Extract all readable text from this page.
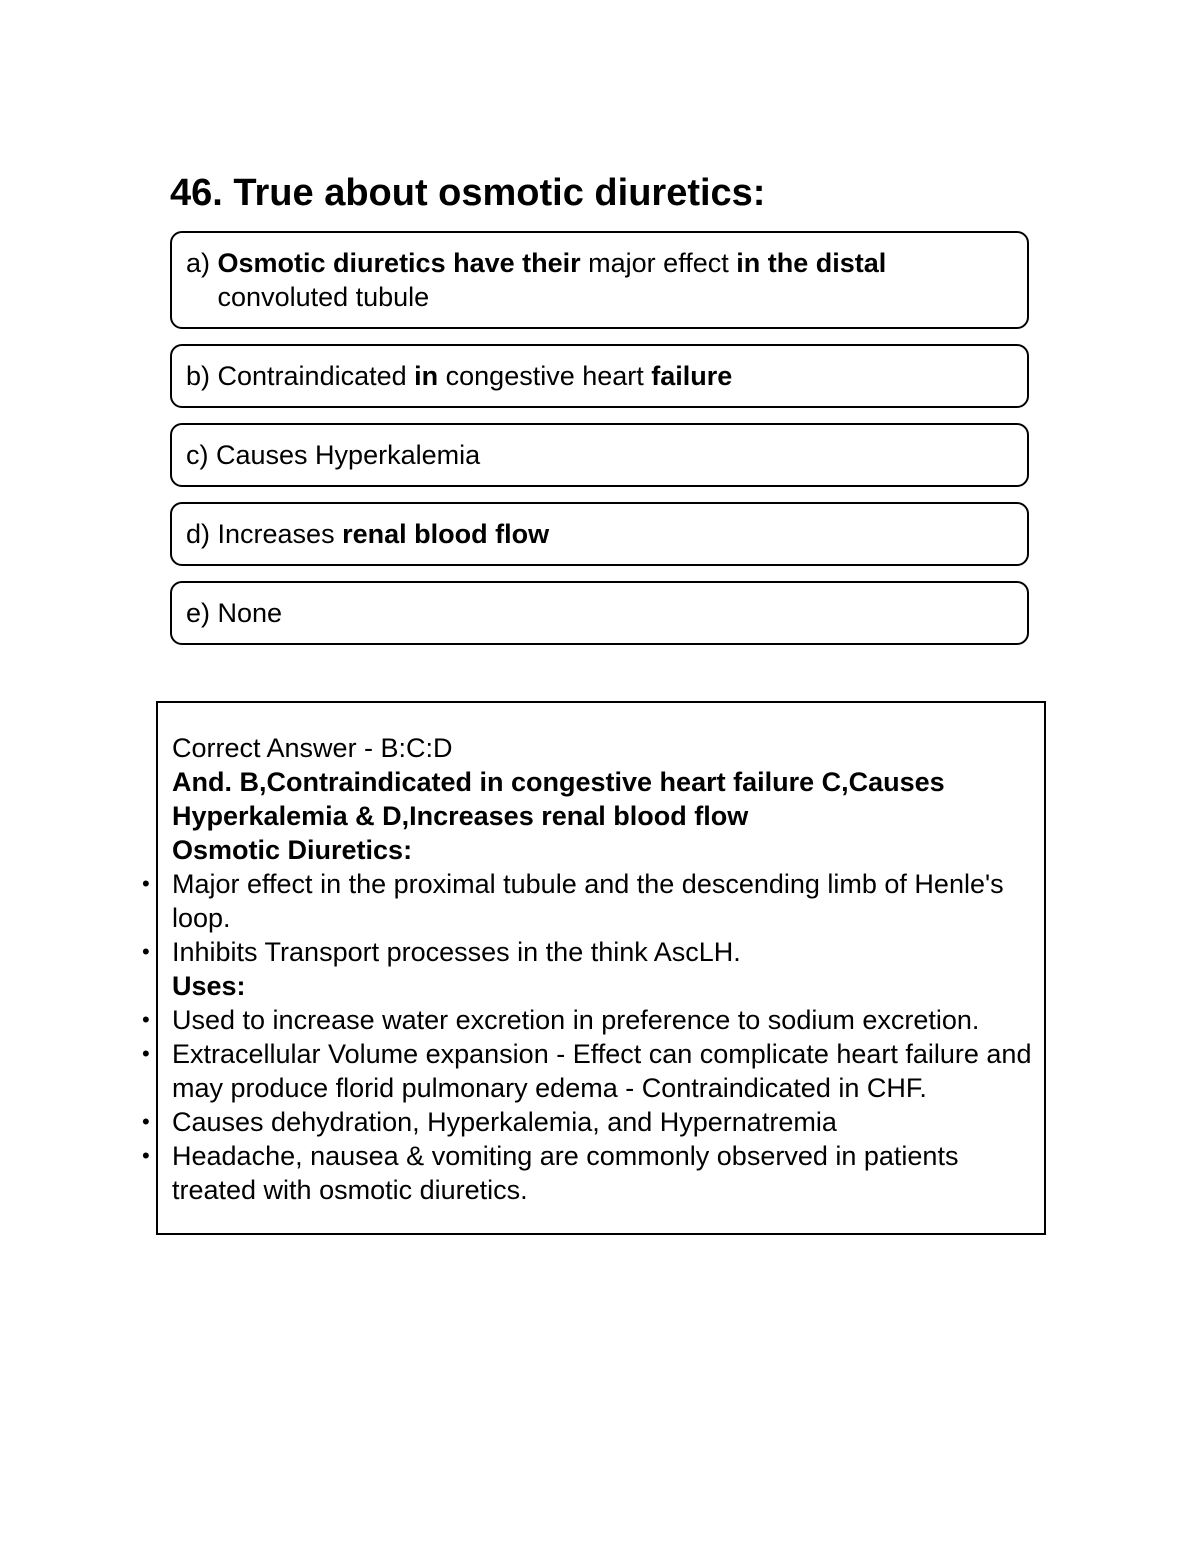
46. True about osmotic diuretics:
a) Osmotic diuretics have their major effect in the distal
convoluted tubule
b) Contraindicated in congestive heart failure
c) Causes Hyperkalemia
d) Increases renal blood flow
e) None

Correct Answer - B:C:D

And. B,Contraindicated in congestive heart failure C,Causes Hyperkalemia & D,Increases renal blood flow

Osmotic Diuretics:

• Major effect in the proximal tubule and the descending limb of Henle's loop.
• Inhibits Transport processes in the think AscLH.

Uses:

• Used to increase water excretion in preference to sodium excretion.
• Extracellular Volume expansion - Effect can complicate heart failure and may produce florid pulmonary edema - Contraindicated in CHF.
• Causes dehydration, Hyperkalemia, and Hypernatremia
• Headache, nausea & vomiting are commonly observed in patients treated with osmotic diuretics.
